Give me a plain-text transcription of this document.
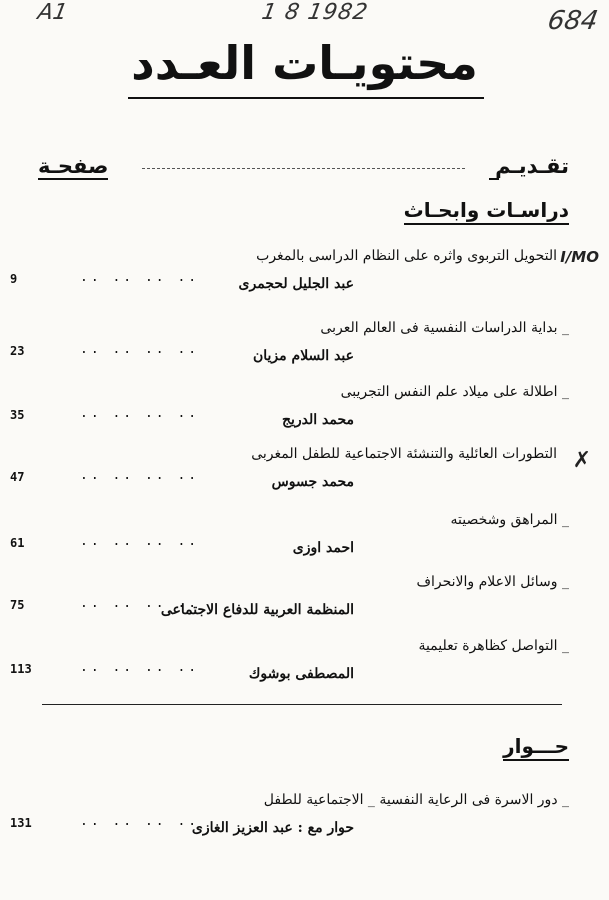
A1	1 8 1982	684
محتويـات العـدد
تقـديـم
صفحـة
دراسـات وابحـاث
I/MO
التحويل التربوى واثره على النظام الدراسى بالمغرب
عبد الجليل لحجمرى
.. .. .. ..
9
_ بداية الدراسات النفسية فى العالم العربى
عبد السلام مزيان
.. .. .. ..
23
_ اطلالة على ميلاد علم النفس التجريبى
محمد الدريج
.. .. .. ..
35
✗
التطورات العائلية والتنشئة الاجتماعية للطفل المغربى
محمد جسوس
.. .. .. ..
47
_ المراهق وشخصيته
احمد اوزى
.. .. .. ..
61
_ وسائل الاعلام والانحراف
المنظمة العربية للدفاع الاجتماعى
.. .. .. ..
75
_ التواصل كظاهرة تعليمية
المصطفى بوشوك
.. .. .. ..
113
حـــوار
_ دور الاسرة فى الرعاية النفسية _ الاجتماعية للطفل
حوار مع : عبد العزيز الغازى
.. .. .. ..
131
